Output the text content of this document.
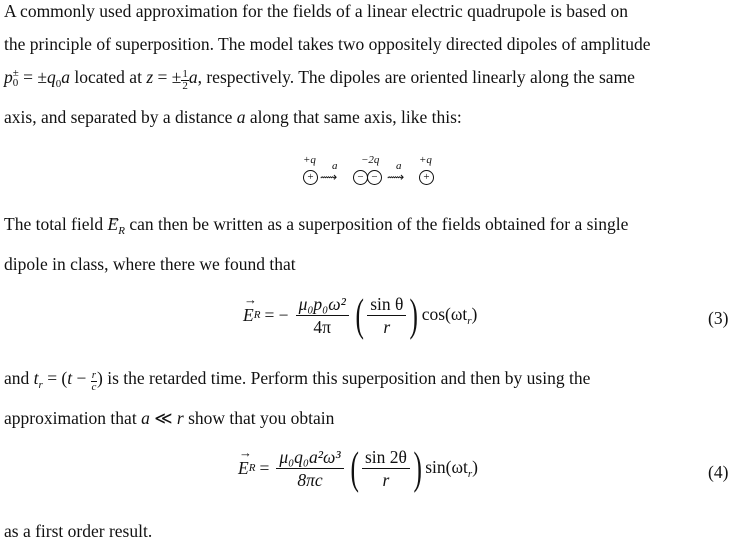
A commonly used approximation for the fields of a linear electric quadrupole is based on
the principle of superposition. The model takes two oppositely directed dipoles of amplitude
p ±
$0 = \pm q_0a$ located at z = ± $\frac{1}{2} a$, respectively. The dipoles are oriented linearly along the same
axis, and separated by a distance a along that same axis, like this:
+q a −2q a +q
+ ⟿	− − ⟿	+
The total field → $E_R$ can then be written as a superposition of the fields obtained for a single
dipole in class, where there we found that
→ E R = − $\frac{\text{μ₀p₀ω²}}{4\pi}$ ( $\frac{\text{sin θ}}{r}$ ) $\cos(\omega t_r)$	(3)
and $t_r = (t - \frac{r}{c}$ ) is the retarded time. Perform this superposition and then by using the
approximation that a ≪ r show that you obtain
→ E $R = \frac{\text{μ₀q₀a²ω³}}{8\pi c}$ ( $\frac{\sin 2\theta}{r}$ ) $\sin(\omega t_r)$	(4)
as a first order result.
